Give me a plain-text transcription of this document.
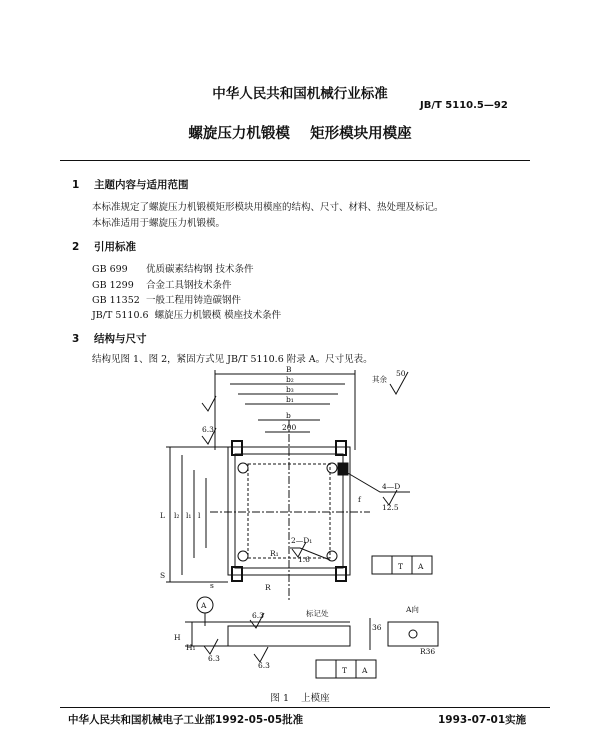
中华人民共和国机械行业标准
JB/T 5110.5—92
螺旋压力机锻模    矩形模块用模座
1 主题内容与适用范围
本标准规定了螺旋压力机锻模矩形模块用模座的结构、尺寸、材料、热处理及标记。
本标准适用于螺旋压力机锻模。
2 引用标准
GB 699 优质碳素结构钢 技术条件
GB 1299 合金工具钢技术条件
GB 11352 一般工程用铸造碳钢件
JB/T 5110.6 螺旋压力机锻模 模座技术条件
3 结构与尺寸
结构见图 1、图 2，紧固方式见 JB/T 5110.6 附录 A。尺寸见表。
其余
50
B
b₂
b₃
b₁
b
200
6.3
12.5
L l₂ l₁ l
S
s
f
R₁
R
4—D
2—D₁
1.6
A
H
H₁
标记处	A向
R36
36
T A
T A
6.3
6.3
6.3
图 1    上模座
中华人民共和国机械电子工业部1992-05-05批准	1993-07-01实施
